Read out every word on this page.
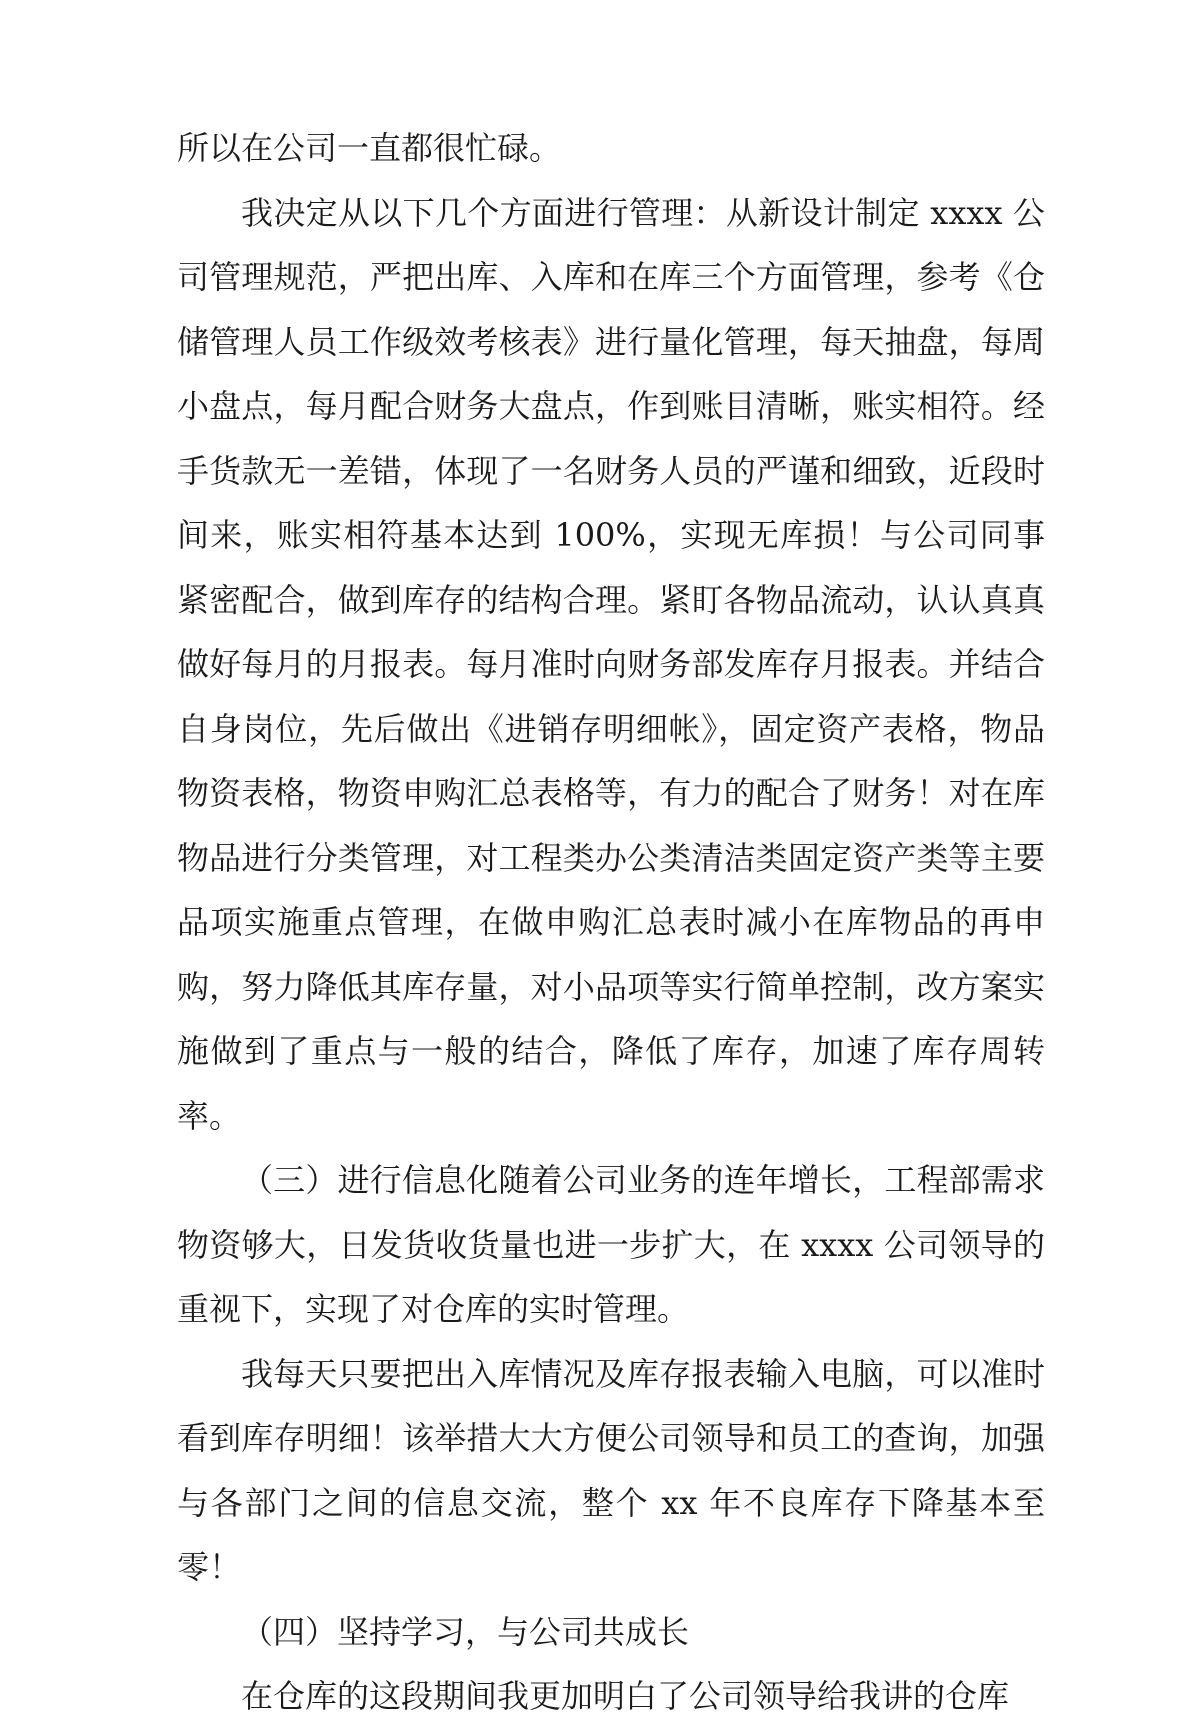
所以在公司一直都很忙碌。

我决定从以下几个方面进行管理：从新设计制定 xxxx 公司管理规范，严把出库、入库和在库三个方面管理，参考《仓储管理人员工作级效考核表》进行量化管理，每天抽盘，每周小盘点，每月配合财务大盘点，作到账目清晰，账实相符。经手货款无一差错，体现了一名财务人员的严谨和细致，近段时间来，账实相符基本达到 100%，实现无库损！与公司同事紧密配合，做到库存的结构合理。紧盯各物品流动，认认真真做好每月的月报表。每月准时向财务部发库存月报表。并结合自身岗位，先后做出《进销存明细帐》，固定资产表格，物品物资表格，物资申购汇总表格等，有力的配合了财务！对在库物品进行分类管理，对工程类办公类清洁类固定资产类等主要品项实施重点管理，在做申购汇总表时减小在库物品的再申购，努力降低其库存量，对小品项等实行简单控制，改方案实施做到了重点与一般的结合，降低了库存，加速了库存周转率。

（三）进行信息化随着公司业务的连年增长，工程部需求物资够大，日发货收货量也进一步扩大，在 xxxx 公司领导的重视下，实现了对仓库的实时管理。

我每天只要把出入库情况及库存报表输入电脑，可以准时看到库存明细！该举措大大方便公司领导和员工的查询，加强与各部门之间的信息交流，整个 xx 年不良库存下降基本至零！

（四）坚持学习，与公司共成长

在仓库的这段期间我更加明白了公司领导给我讲的仓库
